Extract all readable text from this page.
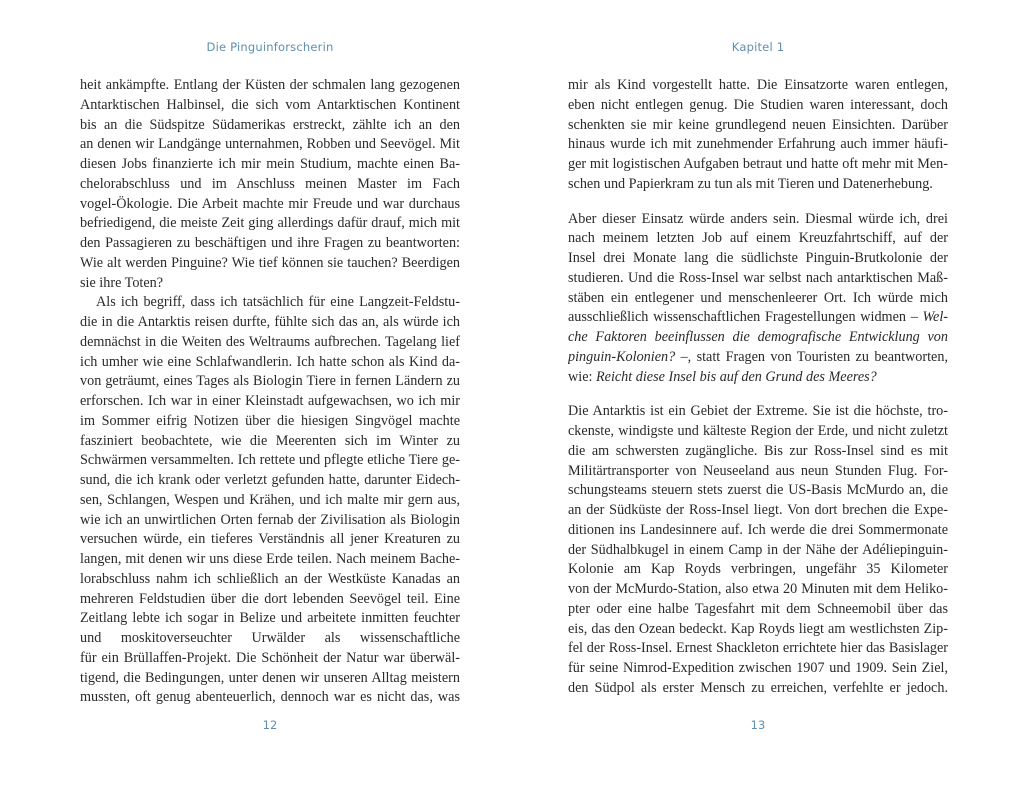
Die Pinguinforscherin
heit ankämpfte. Entlang der Küsten der schmalen lang gezogenen
Antarktischen Halbinsel, die sich vom Antarktischen Kontinent
bis an die Südspitze Südamerikas erstreckt, zählte ich an den
an denen wir Landgänge unternahmen, Robben und Seevögel. Mit
diesen Jobs finanzierte ich mir mein Studium, machte einen Ba-
chelorabschluss und im Anschluss meinen Master im Fach
vogel-Ökologie. Die Arbeit machte mir Freude und war durchaus
befriedigend, die meiste Zeit ging allerdings dafür drauf, mich mit
den Passagieren zu beschäftigen und ihre Fragen zu beantworten:
Wie alt werden Pinguine? Wie tief können sie tauchen? Beerdigen
sie ihre Toten?
Als ich begriff, dass ich tatsächlich für eine Langzeit-Feldstu-
die in die Antarktis reisen durfte, fühlte sich das an, als würde ich
demnächst in die Weiten des Weltraums aufbrechen. Tagelang lief
ich umher wie eine Schlafwandlerin. Ich hatte schon als Kind da-
von geträumt, eines Tages als Biologin Tiere in fernen Ländern zu
erforschen. Ich war in einer Kleinstadt aufgewachsen, wo ich mir
im Sommer eifrig Notizen über die hiesigen Singvögel machte
fasziniert beobachtete, wie die Meerenten sich im Winter zu
Schwärmen versammelten. Ich rettete und pflegte etliche Tiere ge-
sund, die ich krank oder verletzt gefunden hatte, darunter Eidech-
sen, Schlangen, Wespen und Krähen, und ich malte mir gern aus,
wie ich an unwirtlichen Orten fernab der Zivilisation als Biologin
versuchen würde, ein tieferes Verständnis all jener Kreaturen zu
langen, mit denen wir uns diese Erde teilen. Nach meinem Bache-
lorabschluss nahm ich schließlich an der Westküste Kanadas an
mehreren Feldstudien über die dort lebenden Seevögel teil. Eine
Zeitlang lebte ich sogar in Belize und arbeitete inmitten feuchter
und moskitoverseuchter Urwälder als wissenschaftliche
für ein Brüllaffen-Projekt. Die Schönheit der Natur war überwäl-
tigend, die Bedingungen, unter denen wir unseren Alltag meistern
mussten, oft genug abenteuerlich, dennoch war es nicht das, was
12
Kapitel 1
mir als Kind vorgestellt hatte. Die Einsatzorte waren entlegen,
eben nicht entlegen genug. Die Studien waren interessant, doch
schenkten sie mir keine grundlegend neuen Einsichten. Darüber
hinaus wurde ich mit zunehmender Erfahrung auch immer häufi-
ger mit logistischen Aufgaben betraut und hatte oft mehr mit Men-
schen und Papierkram zu tun als mit Tieren und Datenerhebung.
Aber dieser Einsatz würde anders sein. Diesmal würde ich, drei
nach meinem letzten Job auf einem Kreuzfahrtschiff, auf der
Insel drei Monate lang die südlichste Pinguin-Brutkolonie der
studieren. Und die Ross-Insel war selbst nach antarktischen Maß-
stäben ein entlegener und menschenleerer Ort. Ich würde mich
ausschließlich wissenschaftlichen Fragestellungen widmen – Wel-
che Faktoren beeinflussen die demografische Entwicklung von
pinguin-Kolonien? –, statt Fragen von Touristen zu beantworten,
wie: Reicht diese Insel bis auf den Grund des Meeres?
Die Antarktis ist ein Gebiet der Extreme. Sie ist die höchste, tro-
ckenste, windigste und kälteste Region der Erde, und nicht zuletzt
die am schwersten zugängliche. Bis zur Ross-Insel sind es mit
Militärtransporter von Neuseeland aus neun Stunden Flug. For-
schungsteams steuern stets zuerst die US-Basis McMurdo an, die
an der Südküste der Ross-Insel liegt. Von dort brechen die Expe-
ditionen ins Landesinnere auf. Ich werde die drei Sommermonate
der Südhalbkugel in einem Camp in der Nähe der Adéliepinguin-
Kolonie am Kap Royds verbringen, ungefähr 35 Kilometer
von der McMurdo-Station, also etwa 20 Minuten mit dem Heliko-
pter oder eine halbe Tagesfahrt mit dem Schneemobil über das
eis, das den Ozean bedeckt. Kap Royds liegt am westlichsten Zip-
fel der Ross-Insel. Ernest Shackleton errichtete hier das Basislager
für seine Nimrod-Expedition zwischen 1907 und 1909. Sein Ziel,
den Südpol als erster Mensch zu erreichen, verfehlte er jedoch.
13
